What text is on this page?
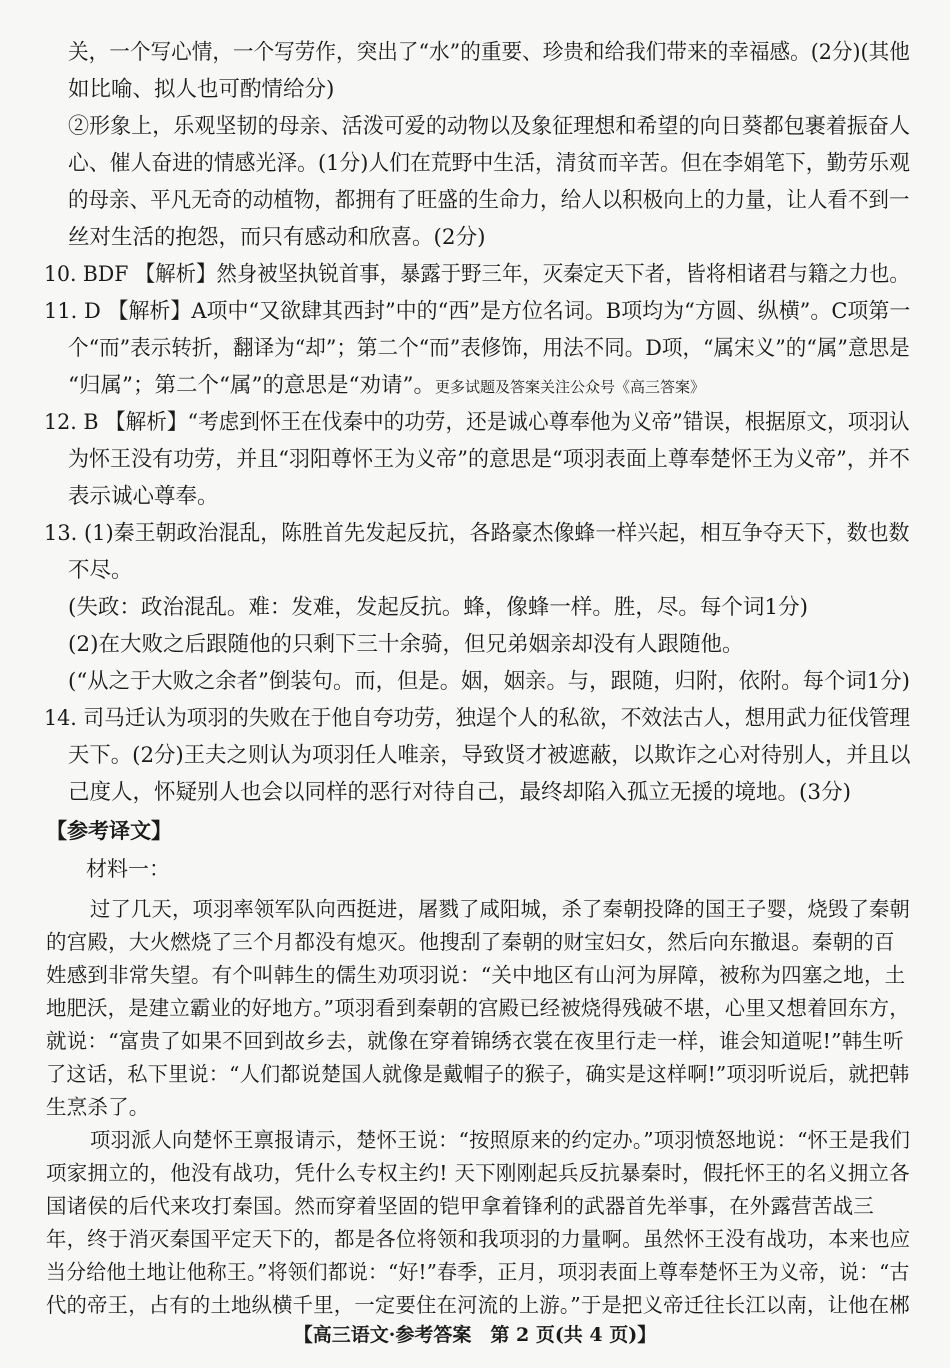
关，一个写心情，一个写劳作，突出了“水”的重要、珍贵和给我们带来的幸福感。(2分)(其他
如比喻、拟人也可酌情给分)
②形象上，乐观坚韧的母亲、活泼可爱的动物以及象征理想和希望的向日葵都包裹着振奋人
心、催人奋进的情感光泽。(1分)人们在荒野中生活，清贫而辛苦。但在李娟笔下，勤劳乐观
的母亲、平凡无奇的动植物，都拥有了旺盛的生命力，给人以积极向上的力量，让人看不到一
丝对生活的抱怨，而只有感动和欣喜。(2分)
10. BDF 【解析】然身被坚执锐首事，暴露于野三年，灭秦定天下者，皆将相诸君与籍之力也。
11. D 【解析】A项中“又欲肆其西封”中的“西”是方位名词。B项均为“方圆、纵横”。C项第一
个“而”表示转折，翻译为“却”；第二个“而”表修饰，用法不同。D项，“属宋义”的“属”意思是
“归属”；第二个“属”的意思是“劝请”。更多试题及答案关注公众号《高三答案》
12. B 【解析】“考虑到怀王在伐秦中的功劳，还是诚心尊奉他为义帝”错误，根据原文，项羽认
为怀王没有功劳，并且“羽阳尊怀王为义帝”的意思是“项羽表面上尊奉楚怀王为义帝”，并不
表示诚心尊奉。
13. (1)秦王朝政治混乱，陈胜首先发起反抗，各路豪杰像蜂一样兴起，相互争夺天下，数也数
不尽。
(失政：政治混乱。难：发难，发起反抗。蜂，像蜂一样。胜，尽。每个词1分)
(2)在大败之后跟随他的只剩下三十余骑，但兄弟姻亲却没有人跟随他。
(“从之于大败之余者”倒装句。而，但是。姻，姻亲。与，跟随，归附，依附。每个词1分)
14. 司马迁认为项羽的失败在于他自夸功劳，独逞个人的私欲，不效法古人，想用武力征伐管理
天下。(2分)王夫之则认为项羽任人唯亲，导致贤才被遮蔽，以欺诈之心对待别人，并且以
己度人，怀疑别人也会以同样的恶行对待自己，最终却陷入孤立无援的境地。(3分)
【参考译文】
材料一：
【高三语文·参考答案　第 2 页(共 4 页)】
过了几天，项羽率领军队向西挺进，屠戮了咸阳城，杀了秦朝投降的国王子婴，烧毁了秦朝
的宫殿，大火燃烧了三个月都没有熄灭。他搜刮了秦朝的财宝妇女，然后向东撤退。秦朝的百
姓感到非常失望。有个叫韩生的儒生劝项羽说：“关中地区有山河为屏障，被称为四塞之地，土
地肥沃，是建立霸业的好地方。”项羽看到秦朝的宫殿已经被烧得残破不堪，心里又想着回东方，
就说：“富贵了如果不回到故乡去，就像在穿着锦绣衣裳在夜里行走一样，谁会知道呢!”韩生听
了这话，私下里说：“人们都说楚国人就像是戴帽子的猴子，确实是这样啊!”项羽听说后，就把韩
生烹杀了。
项羽派人向楚怀王禀报请示，楚怀王说：“按照原来的约定办。”项羽愤怒地说：“怀王是我们
项家拥立的，他没有战功，凭什么专权主约! 天下刚刚起兵反抗暴秦时，假托怀王的名义拥立各
国诸侯的后代来攻打秦国。然而穿着坚固的铠甲拿着锋利的武器首先举事，在外露营苦战三
年，终于消灭秦国平定天下的，都是各位将领和我项羽的力量啊。虽然怀王没有战功，本来也应
当分给他土地让他称王。”将领们都说：“好!”春季，正月，项羽表面上尊奉楚怀王为义帝，说：“古
代的帝王，占有的土地纵横千里，一定要住在河流的上游。”于是把义帝迁往长江以南，让他在郴
